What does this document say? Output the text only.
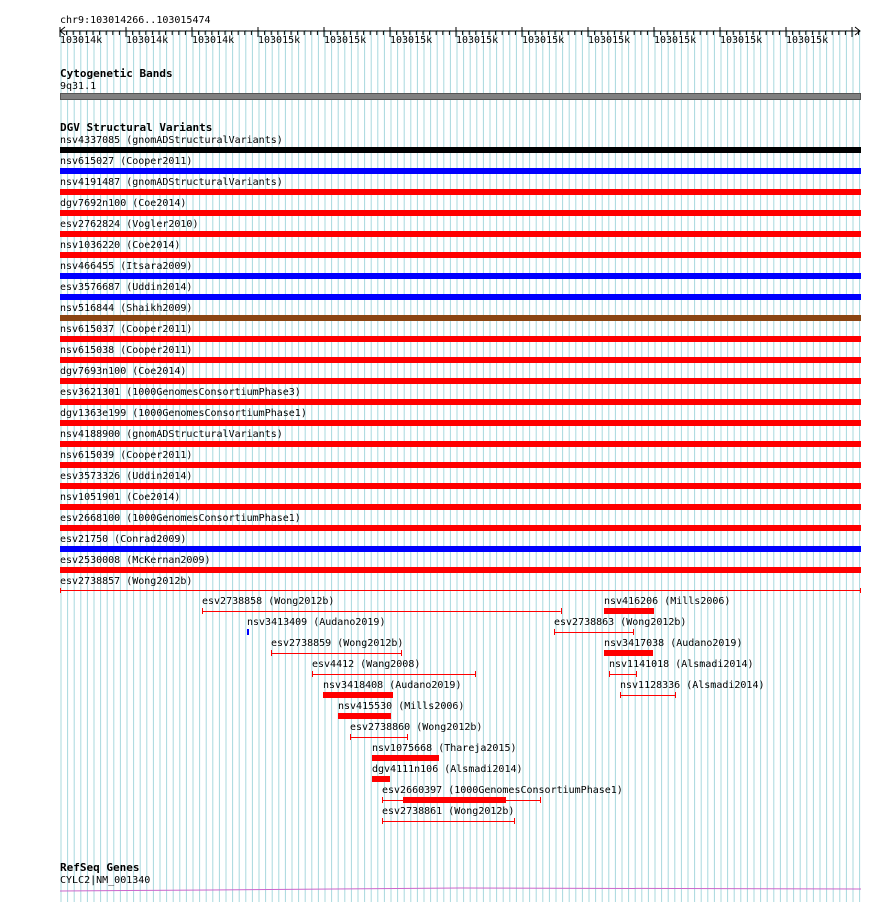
chr9:103014266..103015474
103014k 103014k 103014k 103015k 103015k 103015k 103015k 103015k 103015k 103015k 103015k 103015k
Cytogenetic Bands
9q31.1
DGV Structural Variants
nsv4337085 (gnomADStructuralVariants)
nsv615027 (Cooper2011)
nsv4191487 (gnomADStructuralVariants)
dgv7692n100 (Coe2014)
esv2762824 (Vogler2010)
nsv1036220 (Coe2014)
nsv466455 (Itsara2009)
esv3576687 (Uddin2014)
nsv516844 (Shaikh2009)
nsv615037 (Cooper2011)
nsv615038 (Cooper2011)
dgv7693n100 (Coe2014)
esv3621301 (1000GenomesConsortiumPhase3)
dgv1363e199 (1000GenomesConsortiumPhase1)
nsv4188900 (gnomADStructuralVariants)
nsv615039 (Cooper2011)
esv3573326 (Uddin2014)
nsv1051901 (Coe2014)
esv2668100 (1000GenomesConsortiumPhase1)
esv21750 (Conrad2009)
esv2530008 (McKernan2009)
esv2738857 (Wong2012b)
esv2738858 (Wong2012b)	nsv416206 (Mills2006)
nsv3413409 (Audano2019)	esv2738863 (Wong2012b)
esv2738859 (Wong2012b)	nsv3417038 (Audano2019)
esv4412 (Wang2008)	nsv1141018 (Alsmadi2014)
nsv3418408 (Audano2019)	nsv1128336 (Alsmadi2014)
nsv415530 (Mills2006)
esv2738860 (Wong2012b)
nsv1075668 (Thareja2015)
dgv4111n106 (Alsmadi2014)
esv2660397 (1000GenomesConsortiumPhase1)
esv2738861 (Wong2012b)
RefSeq Genes
CYLC2|NM_001340
